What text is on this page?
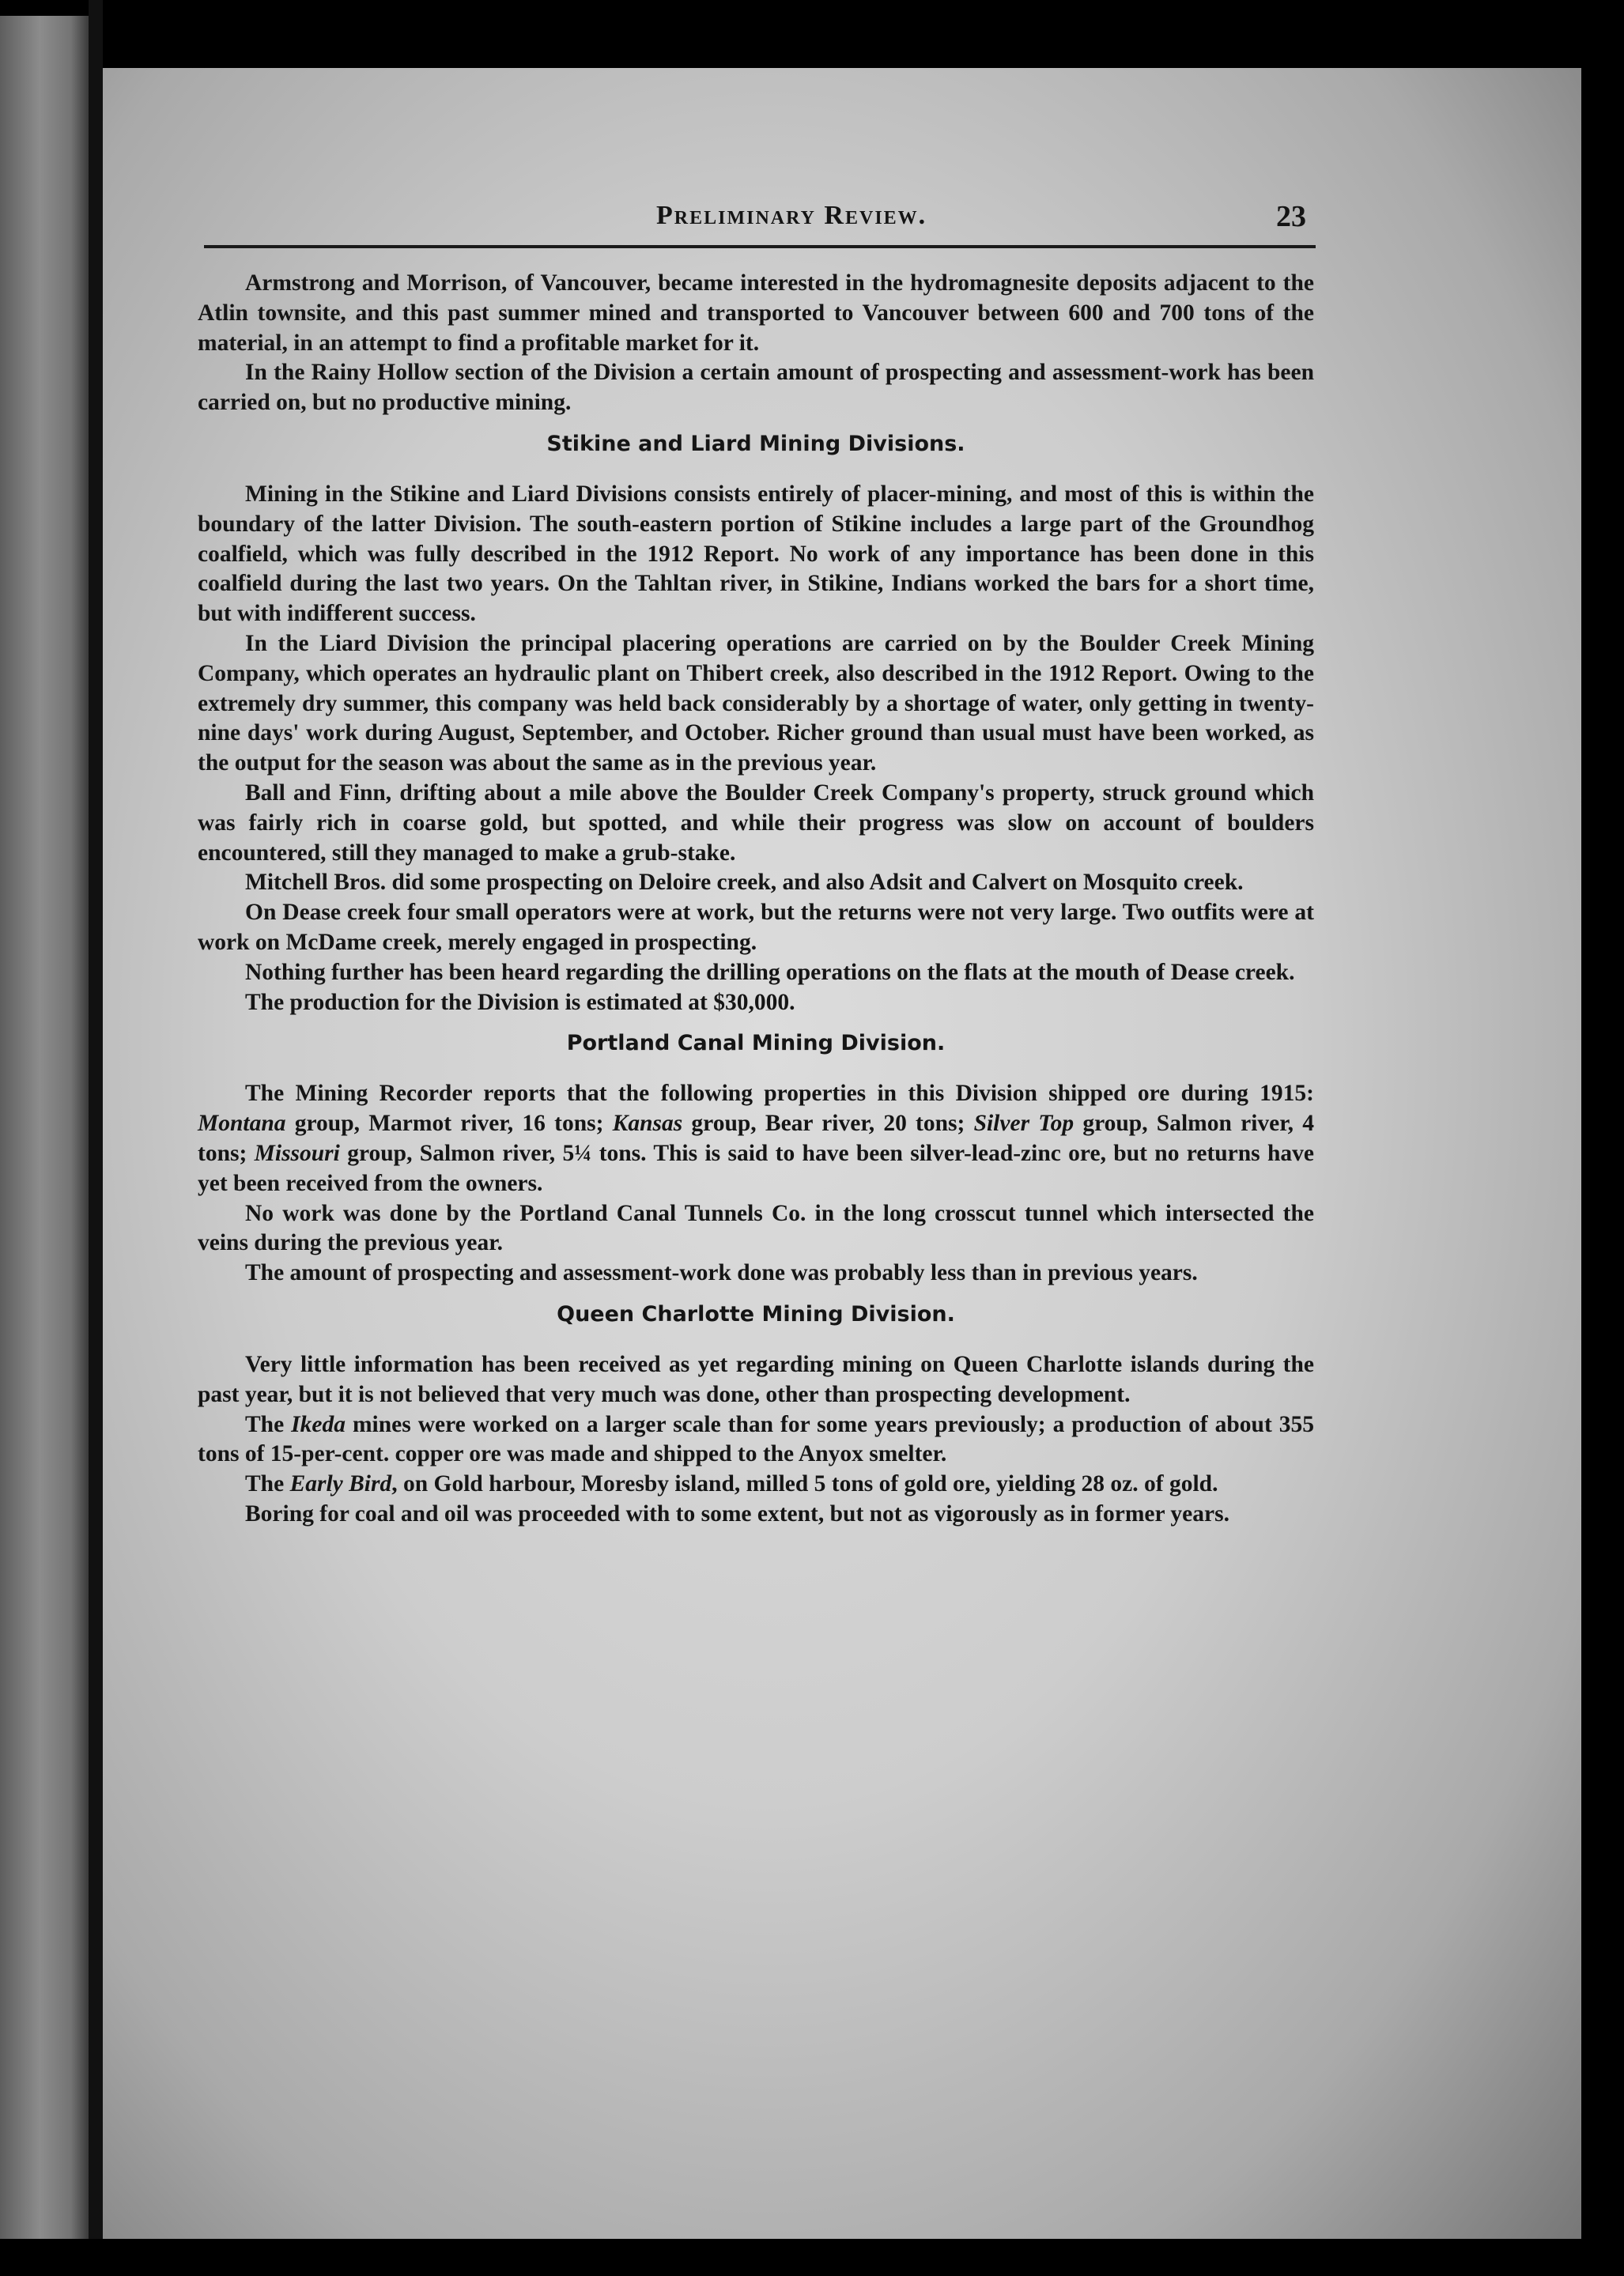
Preliminary Review.	23

Armstrong and Morrison, of Vancouver, became interested in the hydromagnesite deposits adjacent to the Atlin townsite, and this past summer mined and transported to Vancouver between 600 and 700 tons of the material, in an attempt to find a profitable market for it.

In the Rainy Hollow section of the Division a certain amount of prospecting and assessment-work has been carried on, but no productive mining.

Stikine and Liard Mining Divisions.

Mining in the Stikine and Liard Divisions consists entirely of placer-mining, and most of this is within the boundary of the latter Division. The south-eastern portion of Stikine includes a large part of the Groundhog coalfield, which was fully described in the 1912 Report. No work of any importance has been done in this coalfield during the last two years. On the Tahltan river, in Stikine, Indians worked the bars for a short time, but with indifferent success.

In the Liard Division the principal placering operations are carried on by the Boulder Creek Mining Company, which operates an hydraulic plant on Thibert creek, also described in the 1912 Report. Owing to the extremely dry summer, this company was held back considerably by a shortage of water, only getting in twenty-nine days' work during August, September, and October. Richer ground than usual must have been worked, as the output for the season was about the same as in the previous year.

Ball and Finn, drifting about a mile above the Boulder Creek Company's property, struck ground which was fairly rich in coarse gold, but spotted, and while their progress was slow on account of boulders encountered, still they managed to make a grub-stake.

Mitchell Bros. did some prospecting on Deloire creek, and also Adsit and Calvert on Mosquito creek.

On Dease creek four small operators were at work, but the returns were not very large. Two outfits were at work on McDame creek, merely engaged in prospecting.

Nothing further has been heard regarding the drilling operations on the flats at the mouth of Dease creek.

The production for the Division is estimated at $30,000.

Portland Canal Mining Division.

The Mining Recorder reports that the following properties in this Division shipped ore during 1915: Montana group, Marmot river, 16 tons; Kansas group, Bear river, 20 tons; Silver Top group, Salmon river, 4 tons; Missouri group, Salmon river, 5¼ tons. This is said to have been silver-lead-zinc ore, but no returns have yet been received from the owners.

No work was done by the Portland Canal Tunnels Co. in the long crosscut tunnel which intersected the veins during the previous year.

The amount of prospecting and assessment-work done was probably less than in previous years.

Queen Charlotte Mining Division.

Very little information has been received as yet regarding mining on Queen Charlotte islands during the past year, but it is not believed that very much was done, other than prospecting development.

The Ikeda mines were worked on a larger scale than for some years previously; a production of about 355 tons of 15-per-cent. copper ore was made and shipped to the Anyox smelter.

The Early Bird, on Gold harbour, Moresby island, milled 5 tons of gold ore, yielding 28 oz. of gold.

Boring for coal and oil was proceeded with to some extent, but not as vigorously as in former years.
